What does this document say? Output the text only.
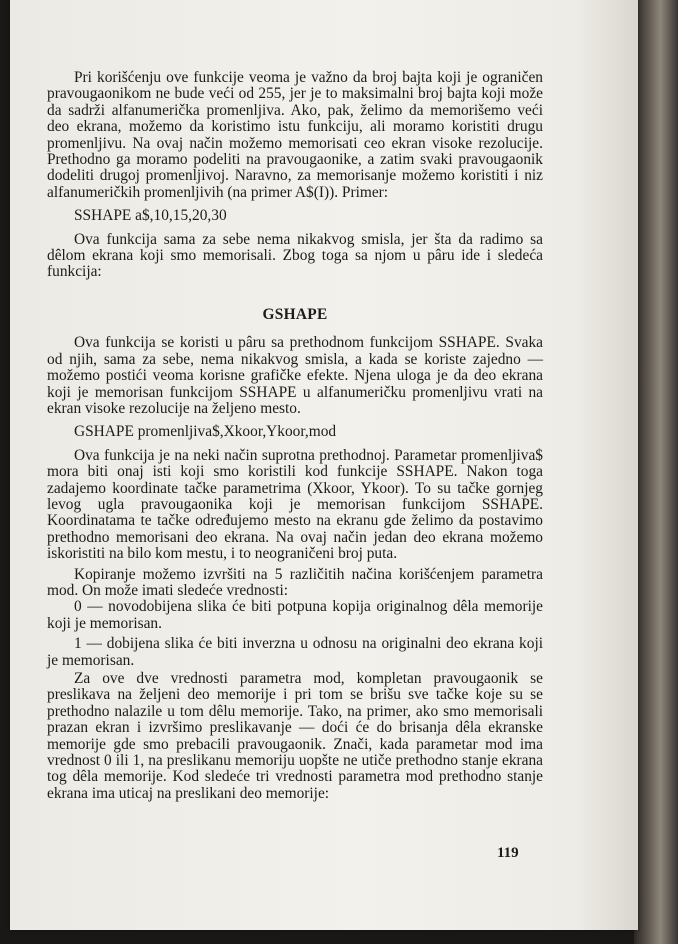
Pri korišćenju ove funkcije veoma je važno da broj bajta koji je ograničen pravougaonikom ne bude veći od 255, jer je to maksimalni broj bajta koji može da sadrži alfanumerička promenljiva. Ako, pak, želimo da memorišemo veći deo ekrana, možemo da koristimo istu funkciju, ali moramo koristiti drugu promenljivu. Na ovaj način možemo memorisati ceo ekran visoke rezolucije. Prethodno ga moramo podeliti na pravougaonike, a zatim svaki pravougaonik dodeliti drugoj promenljivoj. Naravno, za memorisanje možemo koristiti i niz alfanumeričkih promenljivih (na primer A$(I)). Primer:

SSHAPE a$,10,15,20,30

Ova funkcija sama za sebe nema nikakvog smisla, jer šta da radimo sa dêlom ekrana koji smo memorisali. Zbog toga sa njom u pâru ide i sledeća funkcija:

GSHAPE

Ova funkcija se koristi u pâru sa prethodnom funkcijom SSHAPE. Svaka od njih, sama za sebe, nema nikakvog smisla, a kada se koriste zajedno — možemo postići veoma korisne grafičke efekte. Njena uloga je da deo ekrana koji je memorisan funkcijom SSHAPE u alfanumeričku promenljivu vrati na ekran visoke rezolucije na željeno mesto.

GSHAPE promenljiva$,Xkoor,Ykoor,mod

Ova funkcija je na neki način suprotna prethodnoj. Parametar promenljiva$ mora biti onaj isti koji smo koristili kod funkcije SSHAPE. Nakon toga zadajemo koordinate tačke parametrima (Xkoor, Ykoor). To su tačke gornjeg levog ugla pravougaonika koji je memorisan funkcijom SSHAPE. Koordinatama te tačke određujemo mesto na ekranu gde želimo da postavimo prethodno memorisani deo ekrana. Na ovaj način jedan deo ekrana možemo iskoristiti na bilo kom mestu, i to neograničeni broj puta.

Kopiranje možemo izvršiti na 5 različitih načina korišćenjem parametra mod. On može imati sledeće vrednosti:

0 — novodobijena slika će biti potpuna kopija originalnog dêla memorije koji je memorisan.

1 — dobijena slika će biti inverzna u odnosu na originalni deo ekrana koji je memorisan.

Za ove dve vrednosti parametra mod, kompletan pravougaonik se preslikava na željeni deo memorije i pri tom se brišu sve tačke koje su se prethodno nalazile u tom dêlu memorije. Tako, na primer, ako smo memorisali prazan ekran i izvršimo preslikavanje — doći će do brisanja dêla ekranske memorije gde smo prebacili pravougaonik. Znači, kada parametar mod ima vrednost 0 ili 1, na preslikanu memoriju uopšte ne utiče prethodno stanje ekrana tog dêla memorije. Kod sledeće tri vrednosti parametra mod prethodno stanje ekrana ima uticaj na preslikani deo memorije:

119
